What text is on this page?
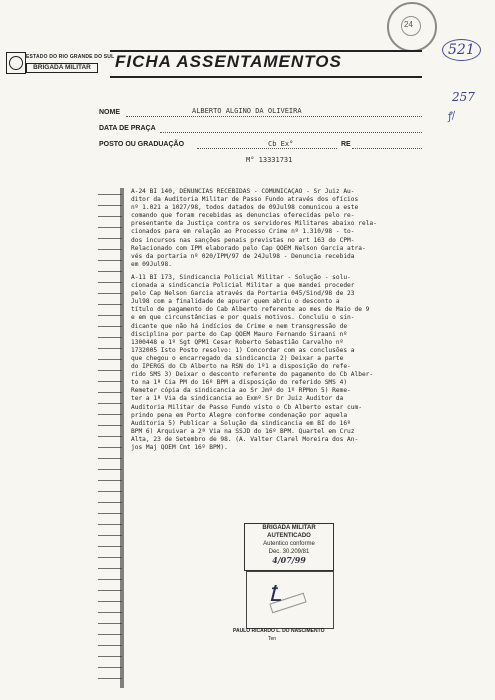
24
521
257
ꝭ/
ESTADO DO RIO GRANDE DO SUL
BRIGADA MILITAR	FICHA ASSENTAMENTOS
NOME	ALBERTO ALGINO DA OLIVEIRA
DATA DE PRAÇA
POSTO OU GRADUAÇÃO	Cb Ex°	RE
M° 13331731
A-24 BI 140, DENUNCIAS RECEBIDAS - COMUNICAÇÃO - Sr Juiz Au-
ditor da Auditoria Militar de Passo Fundo através dos ofícios
nº 1.021 a 1027/98, todos datados de 09Jul98 comunicou a este
comando que foram recebidas as denuncias oferecidas pelo re-
presentante da Justiça contra os servidores Militares abaixo rela-
cionados para em relação ao Processo Crime nº 1.310/98 - to-
dos incursos nas sanções penais previstas no art 163 do CPM-
Relacionado com IPM elaborado pelo Cap QOEM Nelson Garcia atra-
vés da portaria nº 020/IPM/97 de 24Jul98 - Denuncia recebida
em 09Jul98.
A-11 BI 173, Sindicancia Policial Militar - Solução - solu-
cionada a sindicancia Policial Militar a que mandei proceder
pelo Cap Nelson Garcia através da Portaria 045/Sind/98 de 23
Jul98 com a finalidade de apurar quem abriu o desconto a
título de pagamento do Cab Alberto referente ao mes de Maio de 9
e em que circunstâncias e por quais motivos. Concluiu o sin-
dicante que não há indícios de Crime e nem transgressão de
disciplina por parte do Cap QOEM Mauro Fernando Siraani nº
1300448 e 1º Sgt QPM1 Cesar Roberto Sebastião Carvalho nº
1732005 Isto Posto resolvo: 1) Concordar com as conclusões a
que chegou o encarregado da sindicancia 2) Deixar a parte
do IPERGS do Cb Alberto na RSN do 1º1 a disposição do refe-
rido SMS 3) Deixar o desconto referente do pagamento do Cb Alber-
to na 1ª Cia PM do 16º BPM a disposição do referido SMS 4)
Remeter cópia da sindicancia ao Sr Jmº do 1º RPMon 5) Reme-
ter a 1ª Via da sindicancia ao Exmº Sr Dr Juiz Auditor da
Auditoria Militar de Passo Fundo visto o Cb Alberto estar cum-
prindo pena em Porto Alegre conforme condenação por aquela
Auditoria 5) Publicar a Solução da sindicancia em BI do 16º
BPM 6) Arquivar a 2ª Via na SSJD do 16º BPM. Quartel em Cruz
Alta, 23 de Setembro de 98. (A. Valter Clarel Moreira dos An-
jos Maj QOEM Cmt 16º BPM).
BRIGADA MILITAR
AUTENTICADO
Autentico conforme
Dec. 30.209/81
4/07/99
Ꝉ
PAULO RICARDO L. DO NASCIMENTO
Ten
